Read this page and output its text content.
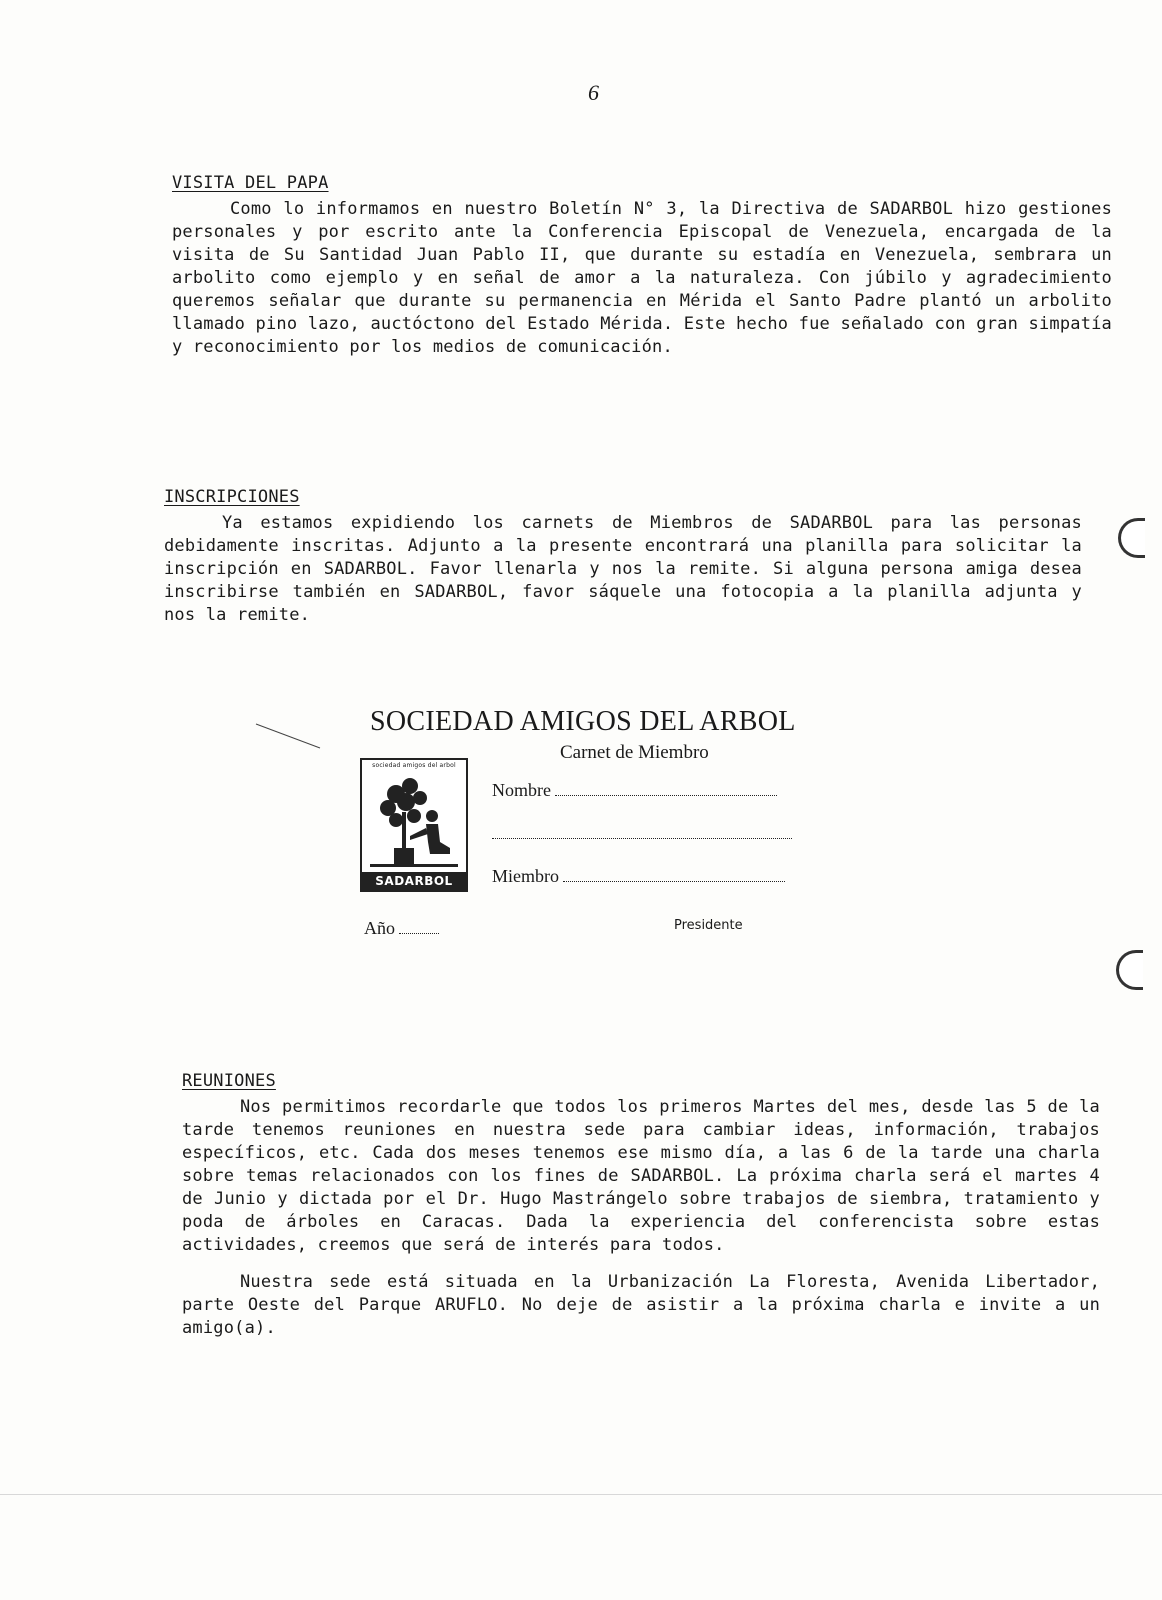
6
VISITA DEL PAPA

Como lo informamos en nuestro Boletín N° 3, la Directiva de SADARBOL hizo gestiones personales y por escrito ante la Conferencia Episcopal de Venezuela, encargada de la visita de Su Santidad Juan Pablo II, que durante su estadía en Venezuela, sembrara un arbolito como ejemplo y en señal de amor a la naturaleza. Con júbilo y agradecimiento queremos señalar que durante su permanencia en Mérida el Santo Padre plantó un arbolito llamado pino lazo, auctóctono del Estado Mérida. Este hecho fue señalado con gran simpatía y reconocimiento por los medios de comunicación.

INSCRIPCIONES

Ya estamos expidiendo los carnets de Miembros de SADARBOL para las personas debidamente inscritas. Adjunto a la presente encontrará una planilla para solicitar la inscripción en SADARBOL. Favor llenarla y nos la remite. Si alguna persona amiga desea inscribirse también en SADARBOL, favor sáquele una fotocopia a la planilla adjunta y nos la remite.

SOCIEDAD AMIGOS DEL ARBOL
Carnet de Miembro
sociedad amigos del arbol
SADARBOL
Nombre
Miembro
Año	Presidente
REUNIONES

Nos permitimos recordarle que todos los primeros Martes del mes, desde las 5 de la tarde tenemos reuniones en nuestra sede para cambiar ideas, información, trabajos específicos, etc. Cada dos meses tenemos ese mismo día, a las 6 de la tarde una charla sobre temas relacionados con los fines de SADARBOL. La próxima charla será el martes 4 de Junio y dictada por el Dr. Hugo Mastrángelo sobre trabajos de siembra, tratamiento y poda de árboles en Caracas. Dada la experiencia del conferencista sobre estas actividades, creemos que será de interés para todos.

Nuestra sede está situada en la Urbanización La Floresta, Avenida Libertador, parte Oeste del Parque ARUFLO. No deje de asistir a la próxima charla e invite a un amigo(a).
